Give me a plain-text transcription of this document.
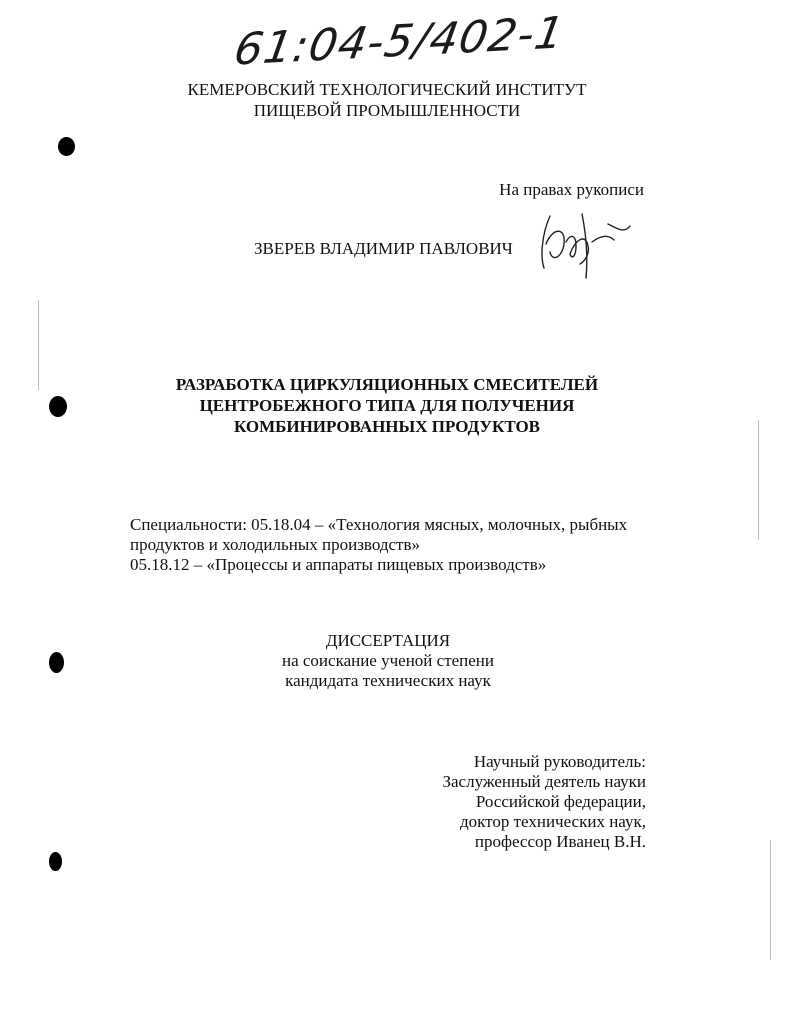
61:04-5/402-1
КЕМЕРОВСКИЙ ТЕХНОЛОГИЧЕСКИЙ ИНСТИТУТ
ПИЩЕВОЙ ПРОМЫШЛЕННОСТИ
На правах рукописи
ЗВЕРЕВ ВЛАДИМИР ПАВЛОВИЧ
РАЗРАБОТКА ЦИРКУЛЯЦИОННЫХ СМЕСИТЕЛЕЙ
ЦЕНТРОБЕЖНОГО ТИПА ДЛЯ ПОЛУЧЕНИЯ
КОМБИНИРОВАННЫХ ПРОДУКТОВ
Специальности: 05.18.04 – «Технология мясных, молочных, рыбных
продуктов и холодильных производств»
05.18.12 – «Процессы и аппараты пищевых производств»
ДИССЕРТАЦИЯ
на соискание ученой степени
кандидата технических наук
Научный руководитель:
Заслуженный деятель науки
Российской федерации,
доктор технических наук,
профессор Иванец В.Н.
